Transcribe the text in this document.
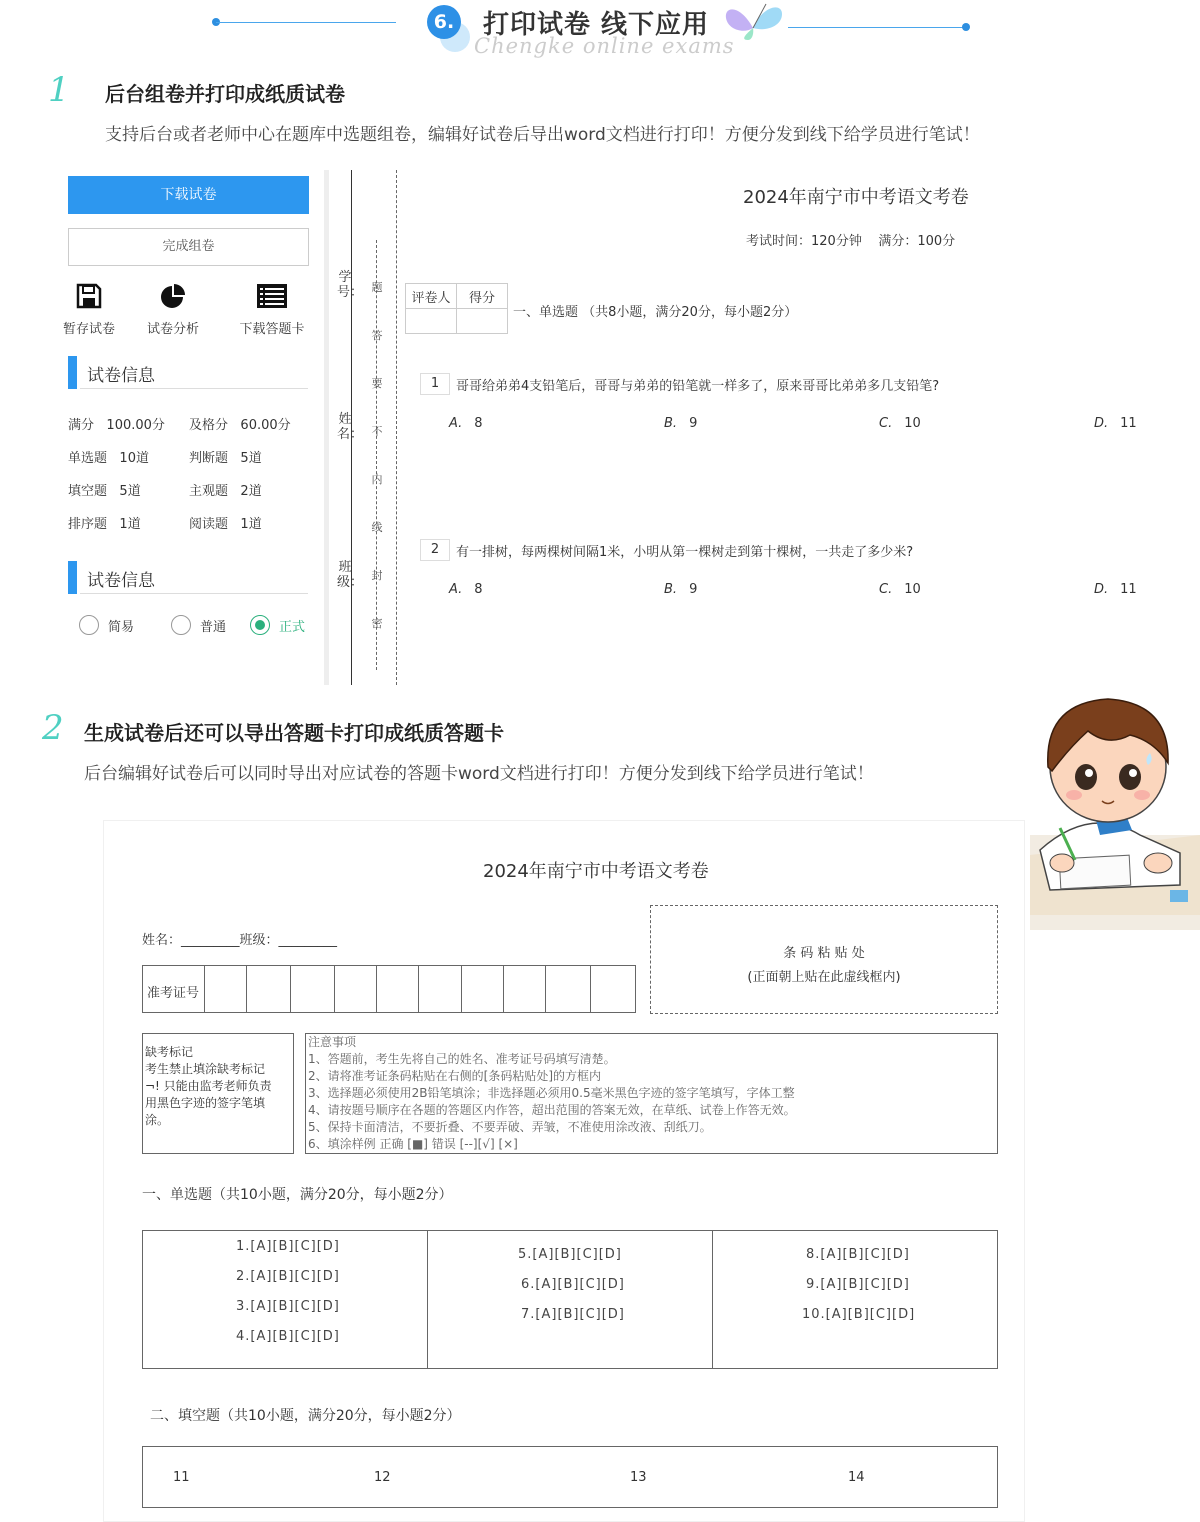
6. 打印试卷 线下应用
Chengke online exams
1 后台组卷并打印成纸质试卷
支持后台或者老师中心在题库中选题组卷，编辑好试卷后导出word文档进行打印！方便分发到线下给学员进行笔试！
下载试卷
完成组卷
暂存试卷	试卷分析	下载答题卡
试卷信息
满分 100.00分 及格分 60.00分
单选题 10道	判断题 5道
填空题 5道	主观题 2道
排序题 1道	阅读题 1道
试卷信息
简易	普通	正式
学号：
姓名：
班级：
题
答
要
不
内
线
封
密
2024年南宁市中考语文考卷
考试时间：120分钟    满分：100分
评卷人	得分

一、单选题 （共8小题，满分20分，每小题2分）
1	哥哥给弟弟4支铅笔后，哥哥与弟弟的铅笔就一样多了，原来哥哥比弟弟多几支铅笔?
A. 8	B. 9	C. 10	D. 11
2	有一排树，每两棵树间隔1米，小明从第一棵树走到第十棵树，一共走了多少米?
A. 8	B. 9	C. 10	D. 11
2 生成试卷后还可以导出答题卡打印成纸质答题卡
后台编辑好试卷后可以同时导出对应试卷的答题卡word文档进行打印！方便分发到线下给学员进行笔试！
2024年南宁市中考语文考卷
姓名：_________班级：_________
准考证号
条 码 粘 贴 处
(正面朝上贴在此虚线框内)
缺考标记
考生禁止填涂缺考标记
¬! 只能由监考老师负责
用黑色字迹的签字笔填
涂。
注意事项
1、答题前，考生先将自己的姓名、准考证号码填写清楚。
2、请将准考证条码粘贴在右侧的[条码粘贴处]的方框内
3、选择题必须使用2B铅笔填涂；非选择题必须用0.5毫米黑色字迹的签字笔填写，字体工整
4、请按题号顺序在各题的答题区内作答，超出范围的答案无效，在草纸、试卷上作答无效。
5、保持卡面清洁，不要折叠、不要弄破、弄皱，不准使用涂改液、刮纸刀。
6、填涂样例 正确 [■] 错误 [--][√] [×]
一、单选题（共10小题，满分20分，每小题2分）
1.[A][B][C][D]
2.[A][B][C][D]
3.[A][B][C][D]
4.[A][B][C][D]
5.[A][B][C][D]
6.[A][B][C][D]
7.[A][B][C][D]
8.[A][B][C][D]
9.[A][B][C][D]
10.[A][B][C][D]
二、填空题（共10小题，满分20分，每小题2分）
11	12	13	14
